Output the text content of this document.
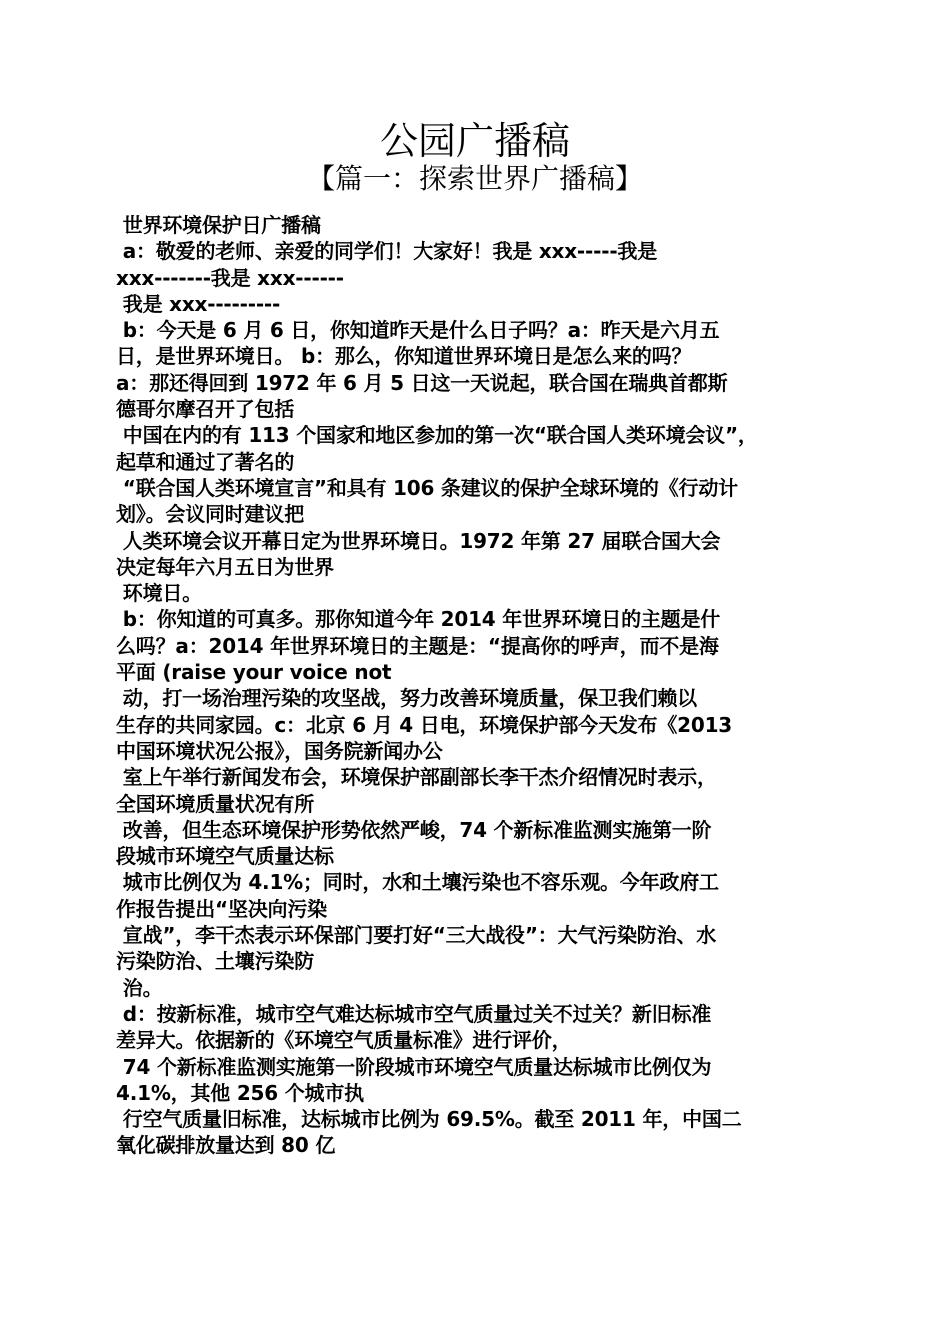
公园广播稿
【篇一：探索世界广播稿】
世界环境保护日广播稿
a：敬爱的老师、亲爱的同学们！大家好！我是 xxx-----我是
xxx-------我是 xxx------
我是 xxx---------
b：今天是 6 月 6 日，你知道昨天是什么日子吗？a：昨天是六月五
日，是世界环境日。 b：那么，你知道世界环境日是怎么来的吗？
a：那还得回到 1972 年 6 月 5 日这一天说起，联合国在瑞典首都斯
德哥尔摩召开了包括
中国在内的有 113 个国家和地区参加的第一次“联合国人类环境会议”，
起草和通过了著名的
“联合国人类环境宣言”和具有 106 条建议的保护全球环境的《行动计
划》。会议同时建议把
人类环境会议开幕日定为世界环境日。1972 年第 27 届联合国大会
决定每年六月五日为世界
环境日。
b：你知道的可真多。那你知道今年 2014 年世界环境日的主题是什
么吗？a：2014 年世界环境日的主题是：“提高你的呼声，而不是海
平面 (raise your voice not
动，打一场治理污染的攻坚战，努力改善环境质量，保卫我们赖以
生存的共同家园。c：北京 6 月 4 日电，环境保护部今天发布《2013
中国环境状况公报》，国务院新闻办公
室上午举行新闻发布会，环境保护部副部长李干杰介绍情况时表示，
全国环境质量状况有所
改善，但生态环境保护形势依然严峻，74 个新标准监测实施第一阶
段城市环境空气质量达标
城市比例仅为 4.1%；同时，水和土壤污染也不容乐观。今年政府工
作报告提出“坚决向污染
宣战”，李干杰表示环保部门要打好“三大战役”：大气污染防治、水
污染防治、土壤污染防
治。
d：按新标准，城市空气难达标城市空气质量过关不过关？新旧标准
差异大。依据新的《环境空气质量标准》进行评价，
74 个新标准监测实施第一阶段城市环境空气质量达标城市比例仅为
4.1%，其他 256 个城市执
行空气质量旧标准，达标城市比例为 69.5%。截至 2011 年，中国二
氧化碳排放量达到 80 亿
